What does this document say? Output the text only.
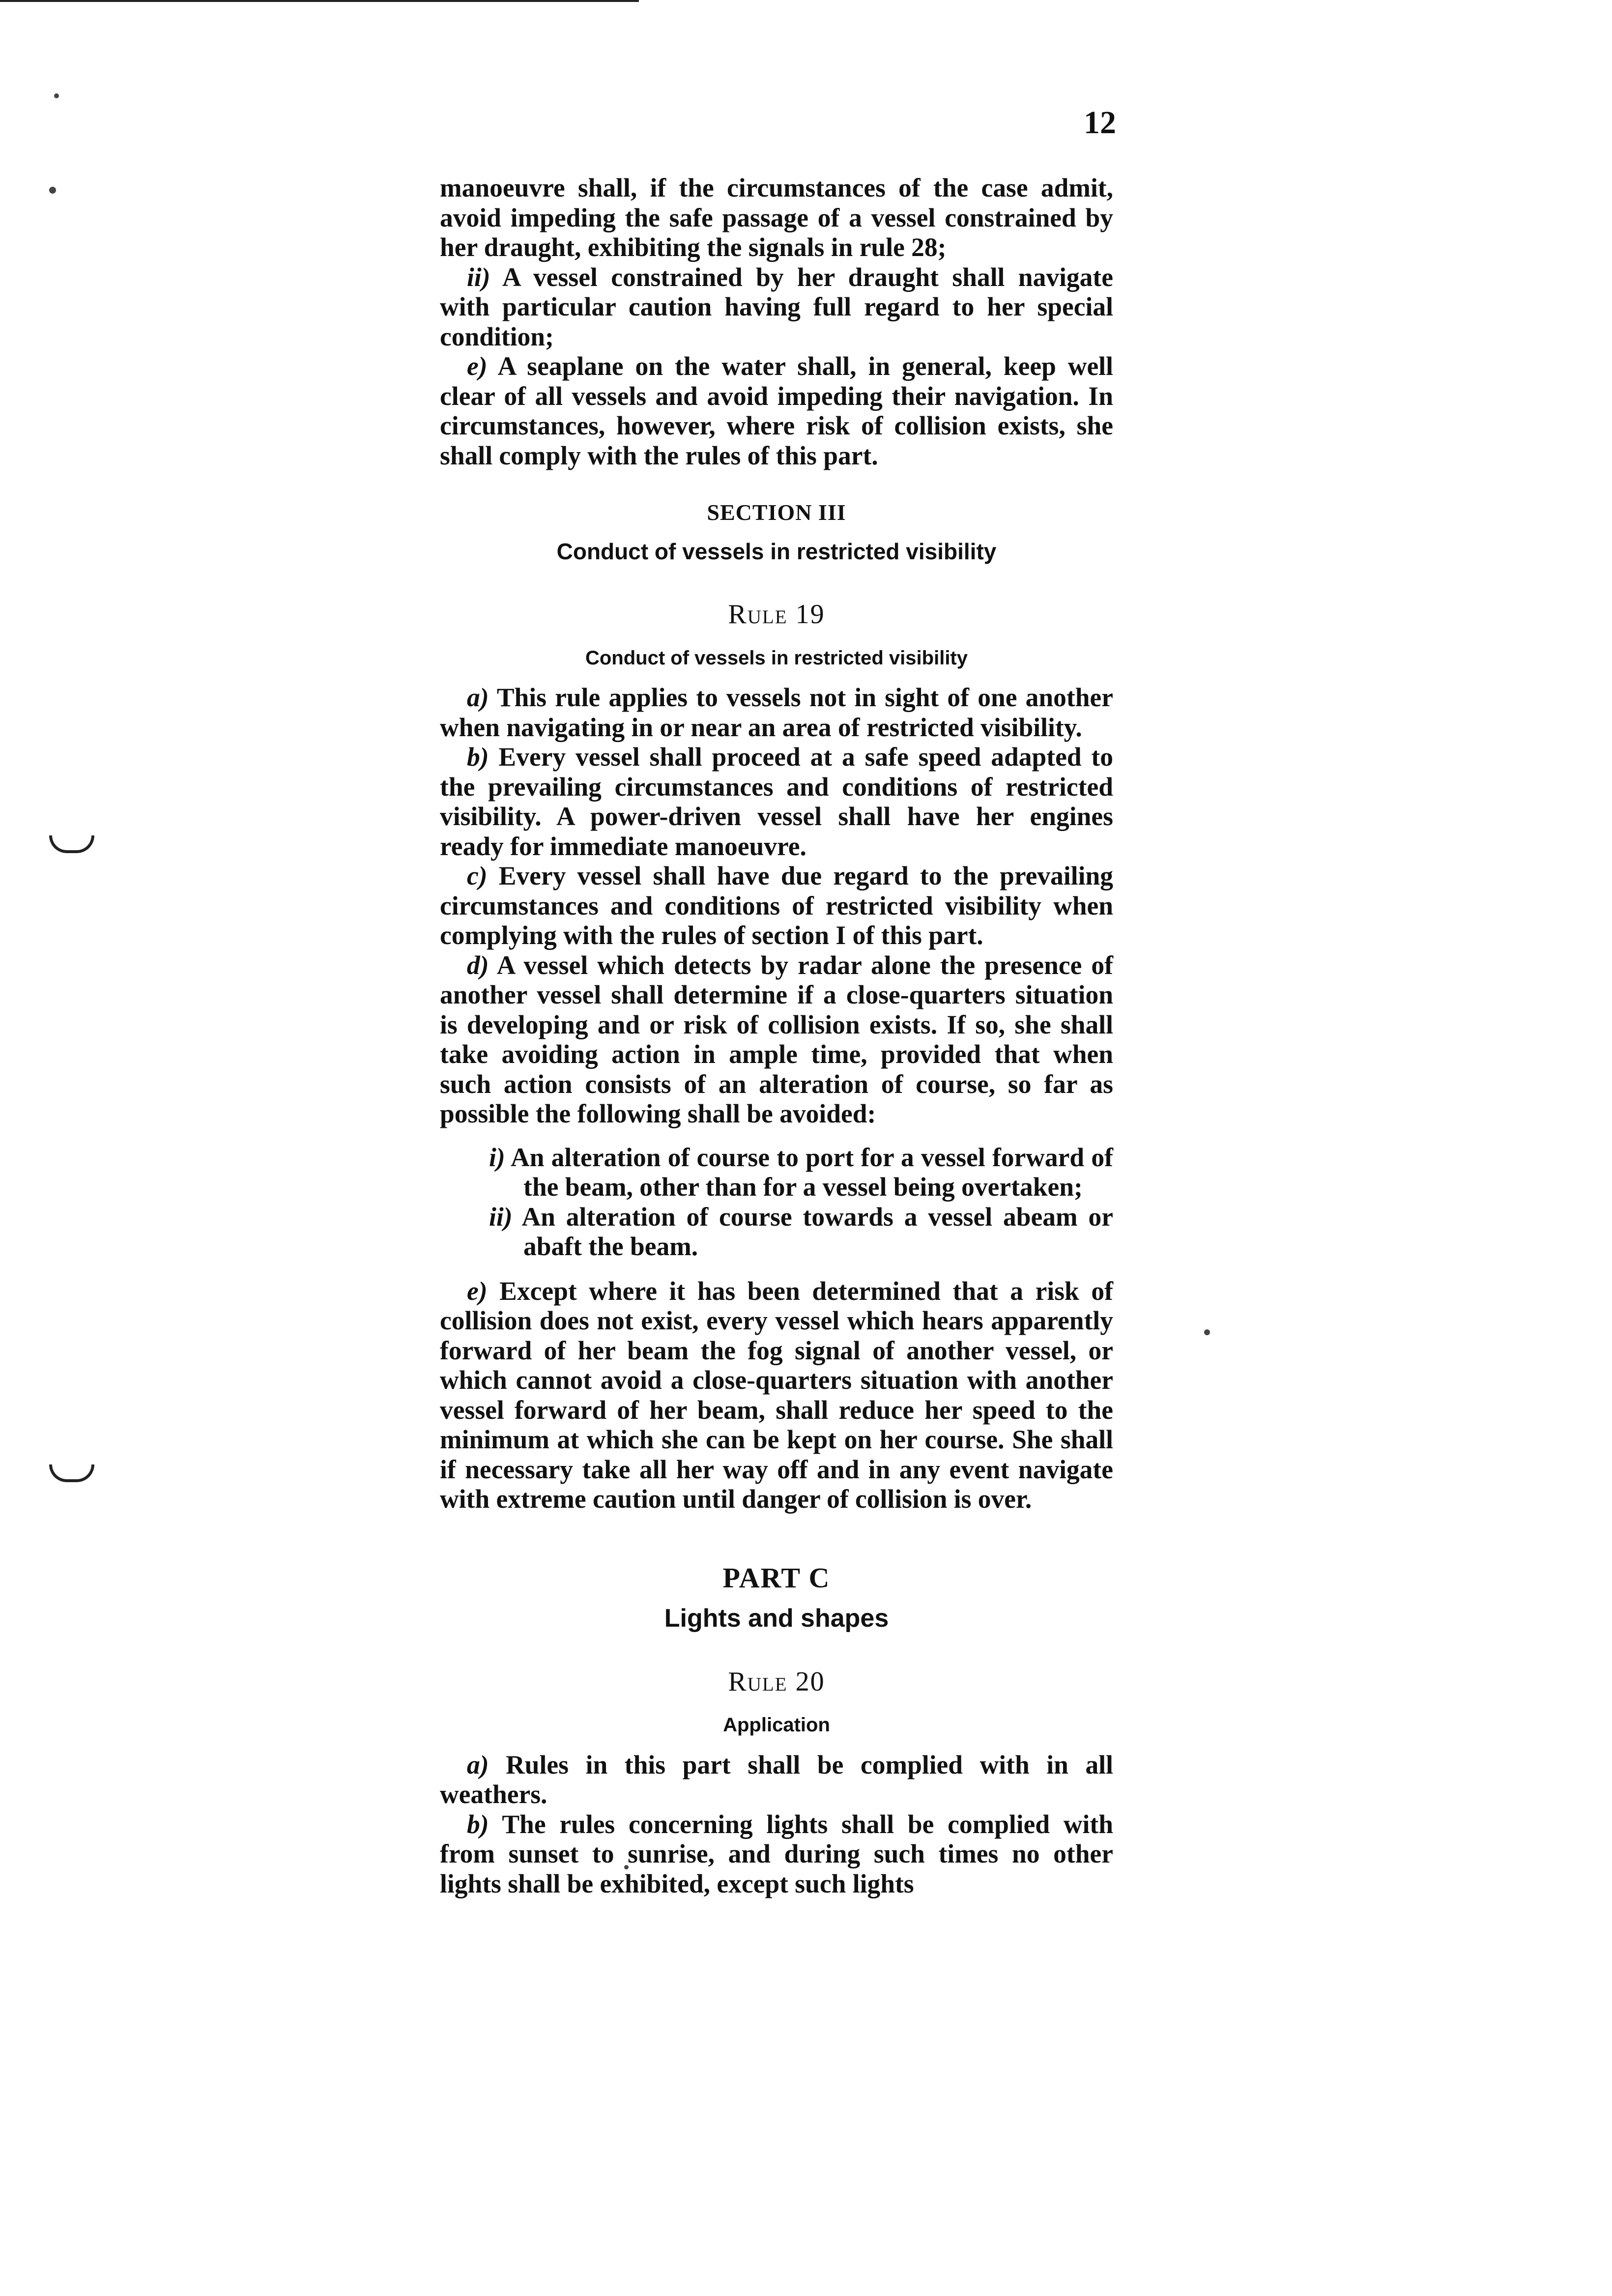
12

manoeuvre shall, if the circumstances of the case admit, avoid impeding the safe passage of a vessel constrained by her draught, exhibiting the signals in rule 28;

ii) A vessel constrained by her draught shall navigate with particular caution having full regard to her special condition;

e) A seaplane on the water shall, in general, keep well clear of all vessels and avoid impeding their navigation. In circumstances, however, where risk of collision exists, she shall comply with the rules of this part.

SECTION III

Conduct of vessels in restricted visibility

Rule 19

Conduct of vessels in restricted visibility

a) This rule applies to vessels not in sight of one another when navigating in or near an area of restricted visibility.

b) Every vessel shall proceed at a safe speed adapted to the prevailing circumstances and conditions of restricted visibility. A power-driven vessel shall have her engines ready for immediate manoeuvre.

c) Every vessel shall have due regard to the prevailing circumstances and conditions of restricted visibility when complying with the rules of section I of this part.

d) A vessel which detects by radar alone the presence of another vessel shall determine if a close-quarters situation is developing and or risk of collision exists. If so, she shall take avoiding action in ample time, provided that when such action consists of an alteration of course, so far as possible the following shall be avoided:

i) An alteration of course to port for a vessel forward of the beam, other than for a vessel being overtaken;

ii) An alteration of course towards a vessel abeam or abaft the beam.

e) Except where it has been determined that a risk of collision does not exist, every vessel which hears apparently forward of her beam the fog signal of another vessel, or which cannot avoid a close-quarters situation with another vessel forward of her beam, shall reduce her speed to the minimum at which she can be kept on her course. She shall if necessary take all her way off and in any event navigate with extreme caution until danger of collision is over.

PART C

Lights and shapes

Rule 20

Application

a) Rules in this part shall be complied with in all weathers.

b) The rules concerning lights shall be complied with from sunset to sunrise, and during such times no other lights shall be exhibited, except such lights
